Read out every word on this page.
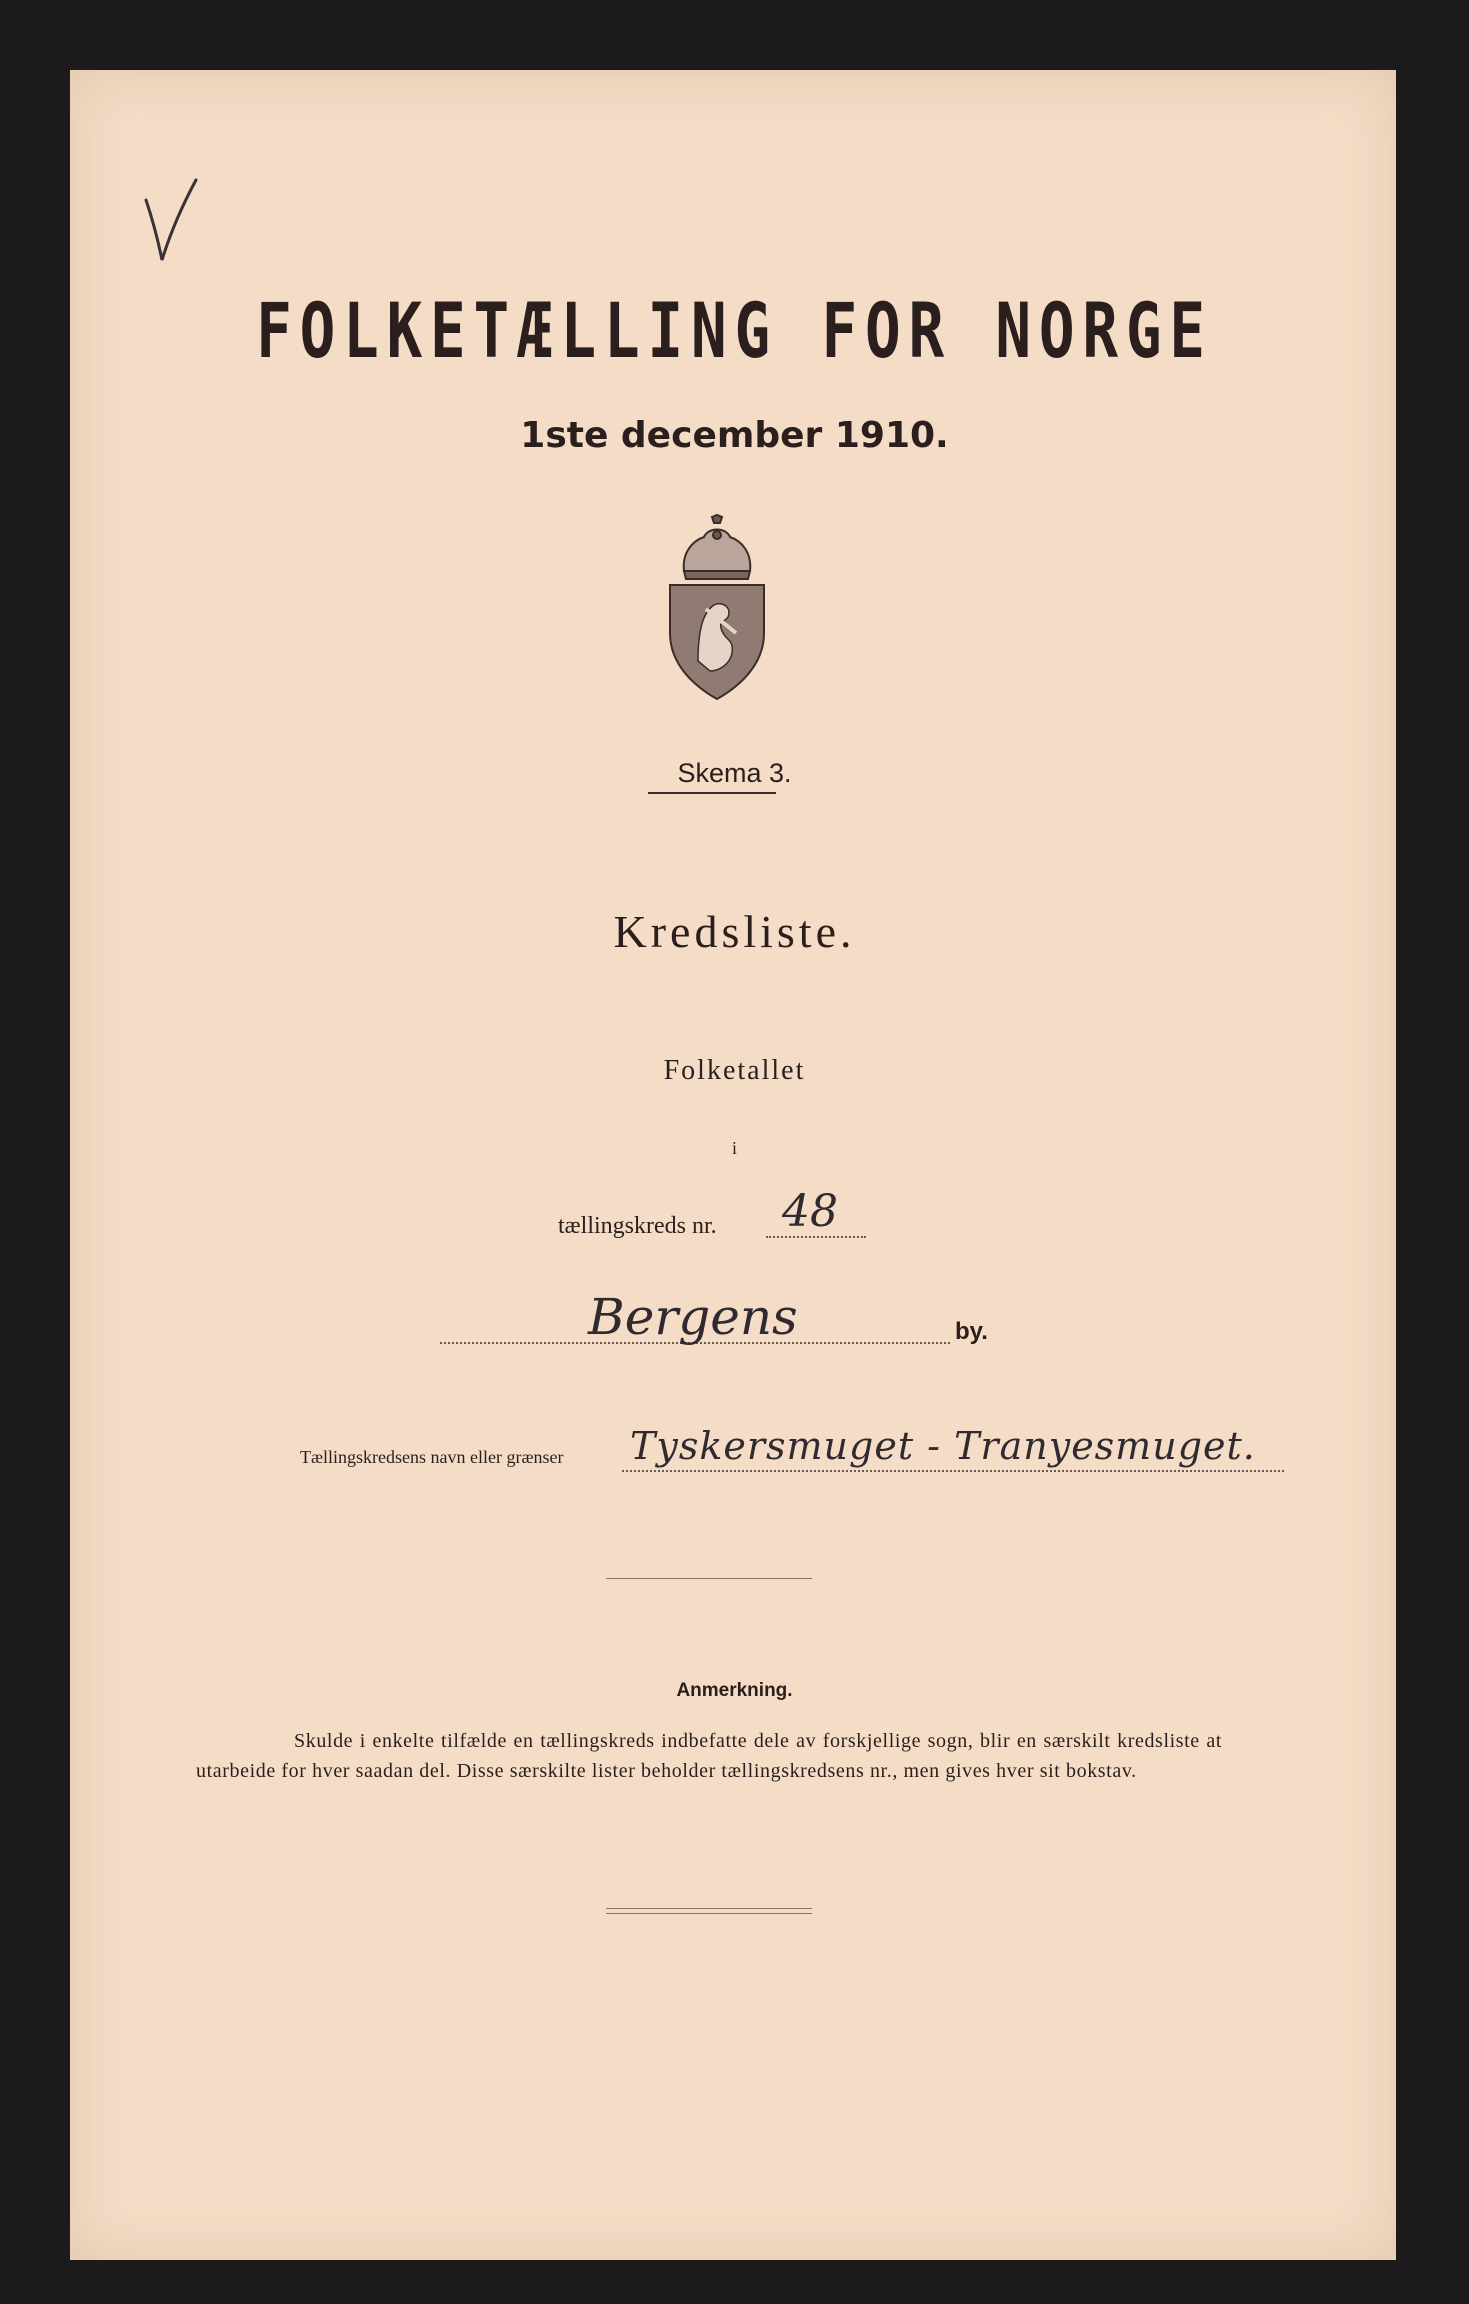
FOLKETÆLLING FOR NORGE
1ste december 1910.
Skema 3.
Kredsliste.
Folketallet
i
tællingskreds nr. 48
Bergens	by.
Tællingskredsens navn eller grænser Tyskersmuget - Tranyesmuget.
Anmerkning.
Skulde i enkelte tilfælde en tællingskreds indbefatte dele av forskjellige sogn, blir en særskilt kredsliste at utarbeide for hver saadan del. Disse særskilte lister beholder tællingskredsens nr., men gives hver sit bokstav.
